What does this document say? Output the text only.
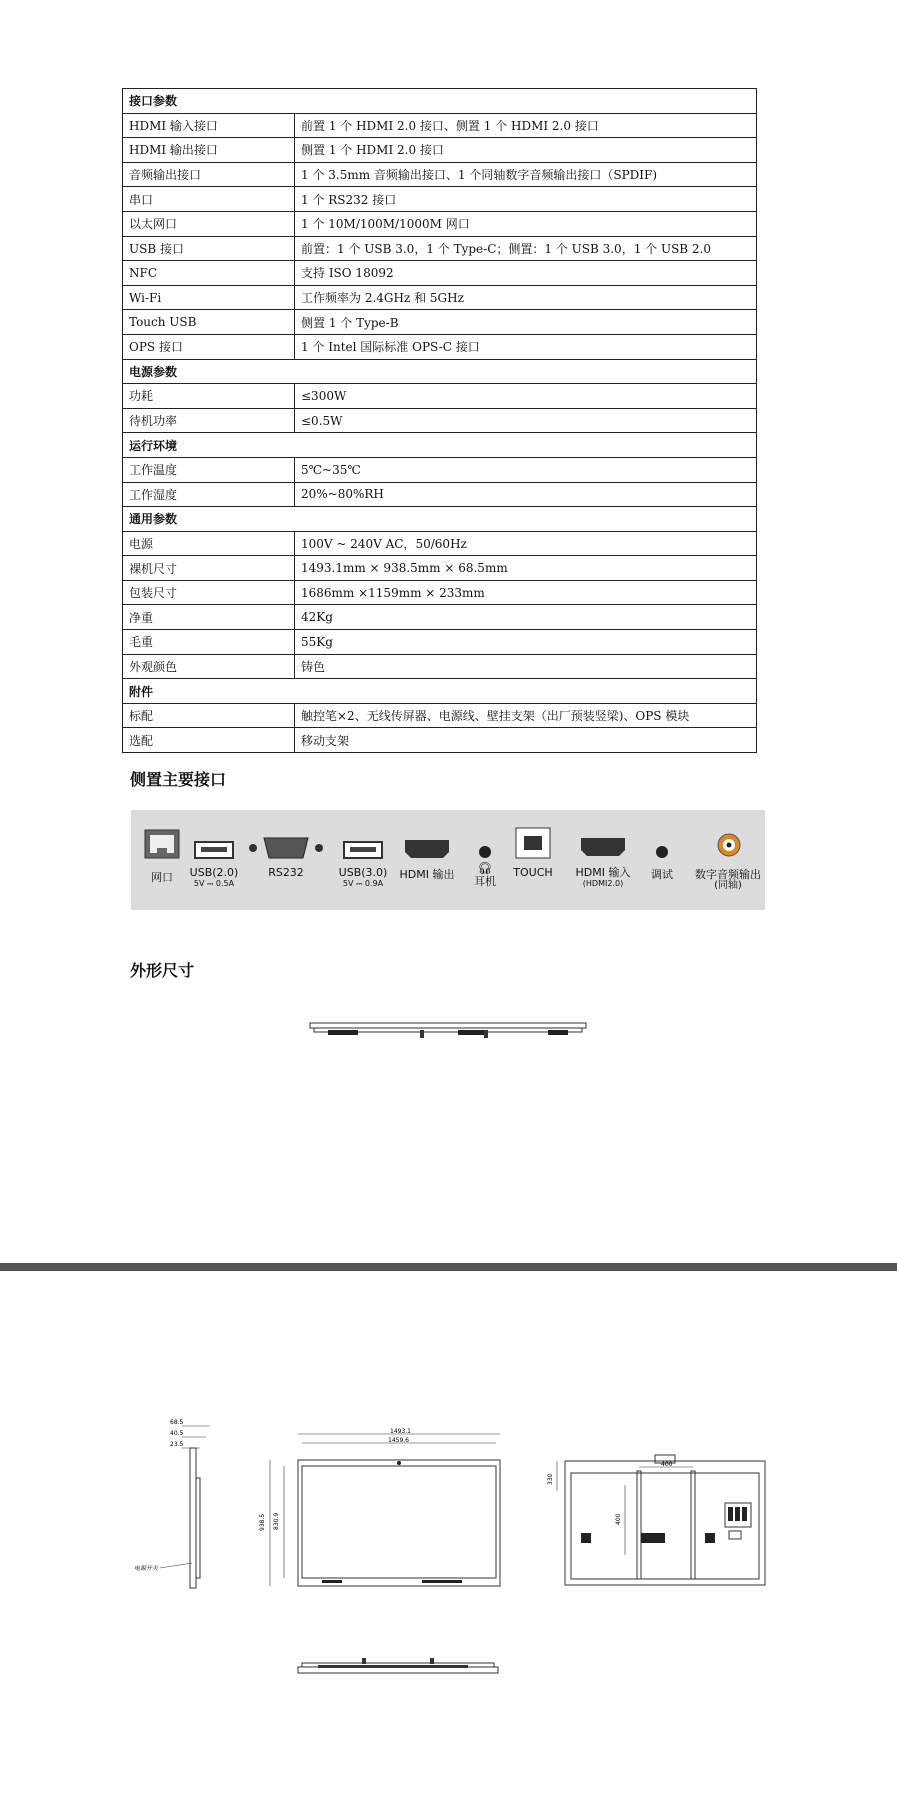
接口参数	
HDMI 输入接口	前置 1 个 HDMI 2.0 接口、侧置 1 个 HDMI 2.0 接口
HDMI 输出接口	侧置 1 个 HDMI 2.0 接口
音频输出接口	1 个 3.5mm 音频输出接口、1 个同轴数字音频输出接口（SPDIF)
串口	1 个 RS232 接口
以太网口	1 个 10M/100M/1000M 网口
USB 接口	前置：1 个 USB 3.0，1 个 Type-C；侧置：1 个 USB 3.0，1 个 USB 2.0
NFC	支持 ISO 18092
Wi-Fi	工作频率为 2.4GHz 和 5GHz
Touch USB	侧置 1 个 Type-B
OPS 接口	1 个 Intel 国际标准 OPS-C 接口
电源参数	
功耗	≤300W
待机功率	≤0.5W
运行环境	
工作温度	5℃~35℃
工作湿度	20%~80%RH
通用参数	
电源	100V ~ 240V AC，50/60Hz
裸机尺寸	1493.1mm × 938.5mm × 68.5mm
包装尺寸	1686mm ×1159mm × 233mm
净重	42Kg
毛重	55Kg
外观颜色	铸色
附件	
标配	触控笔×2、无线传屏器、电源线、壁挂支架（出厂预装竖梁)、OPS 模块
选配	移动支架
侧置主要接口
网口	USB(2.0)
5V ⎓ 0.5A
RS232	USB(3.0)
5V ⎓ 0.9A
HDMI 输出	🎧︎
耳机
TOUCH	HDMI 输入
(HDMI2.0)
调试	数字音频输出
(同轴)
外形尺寸
68.5
40.5
23.5
电源开关
1493.1
1459.6
938.5 830.9
330
400
400
